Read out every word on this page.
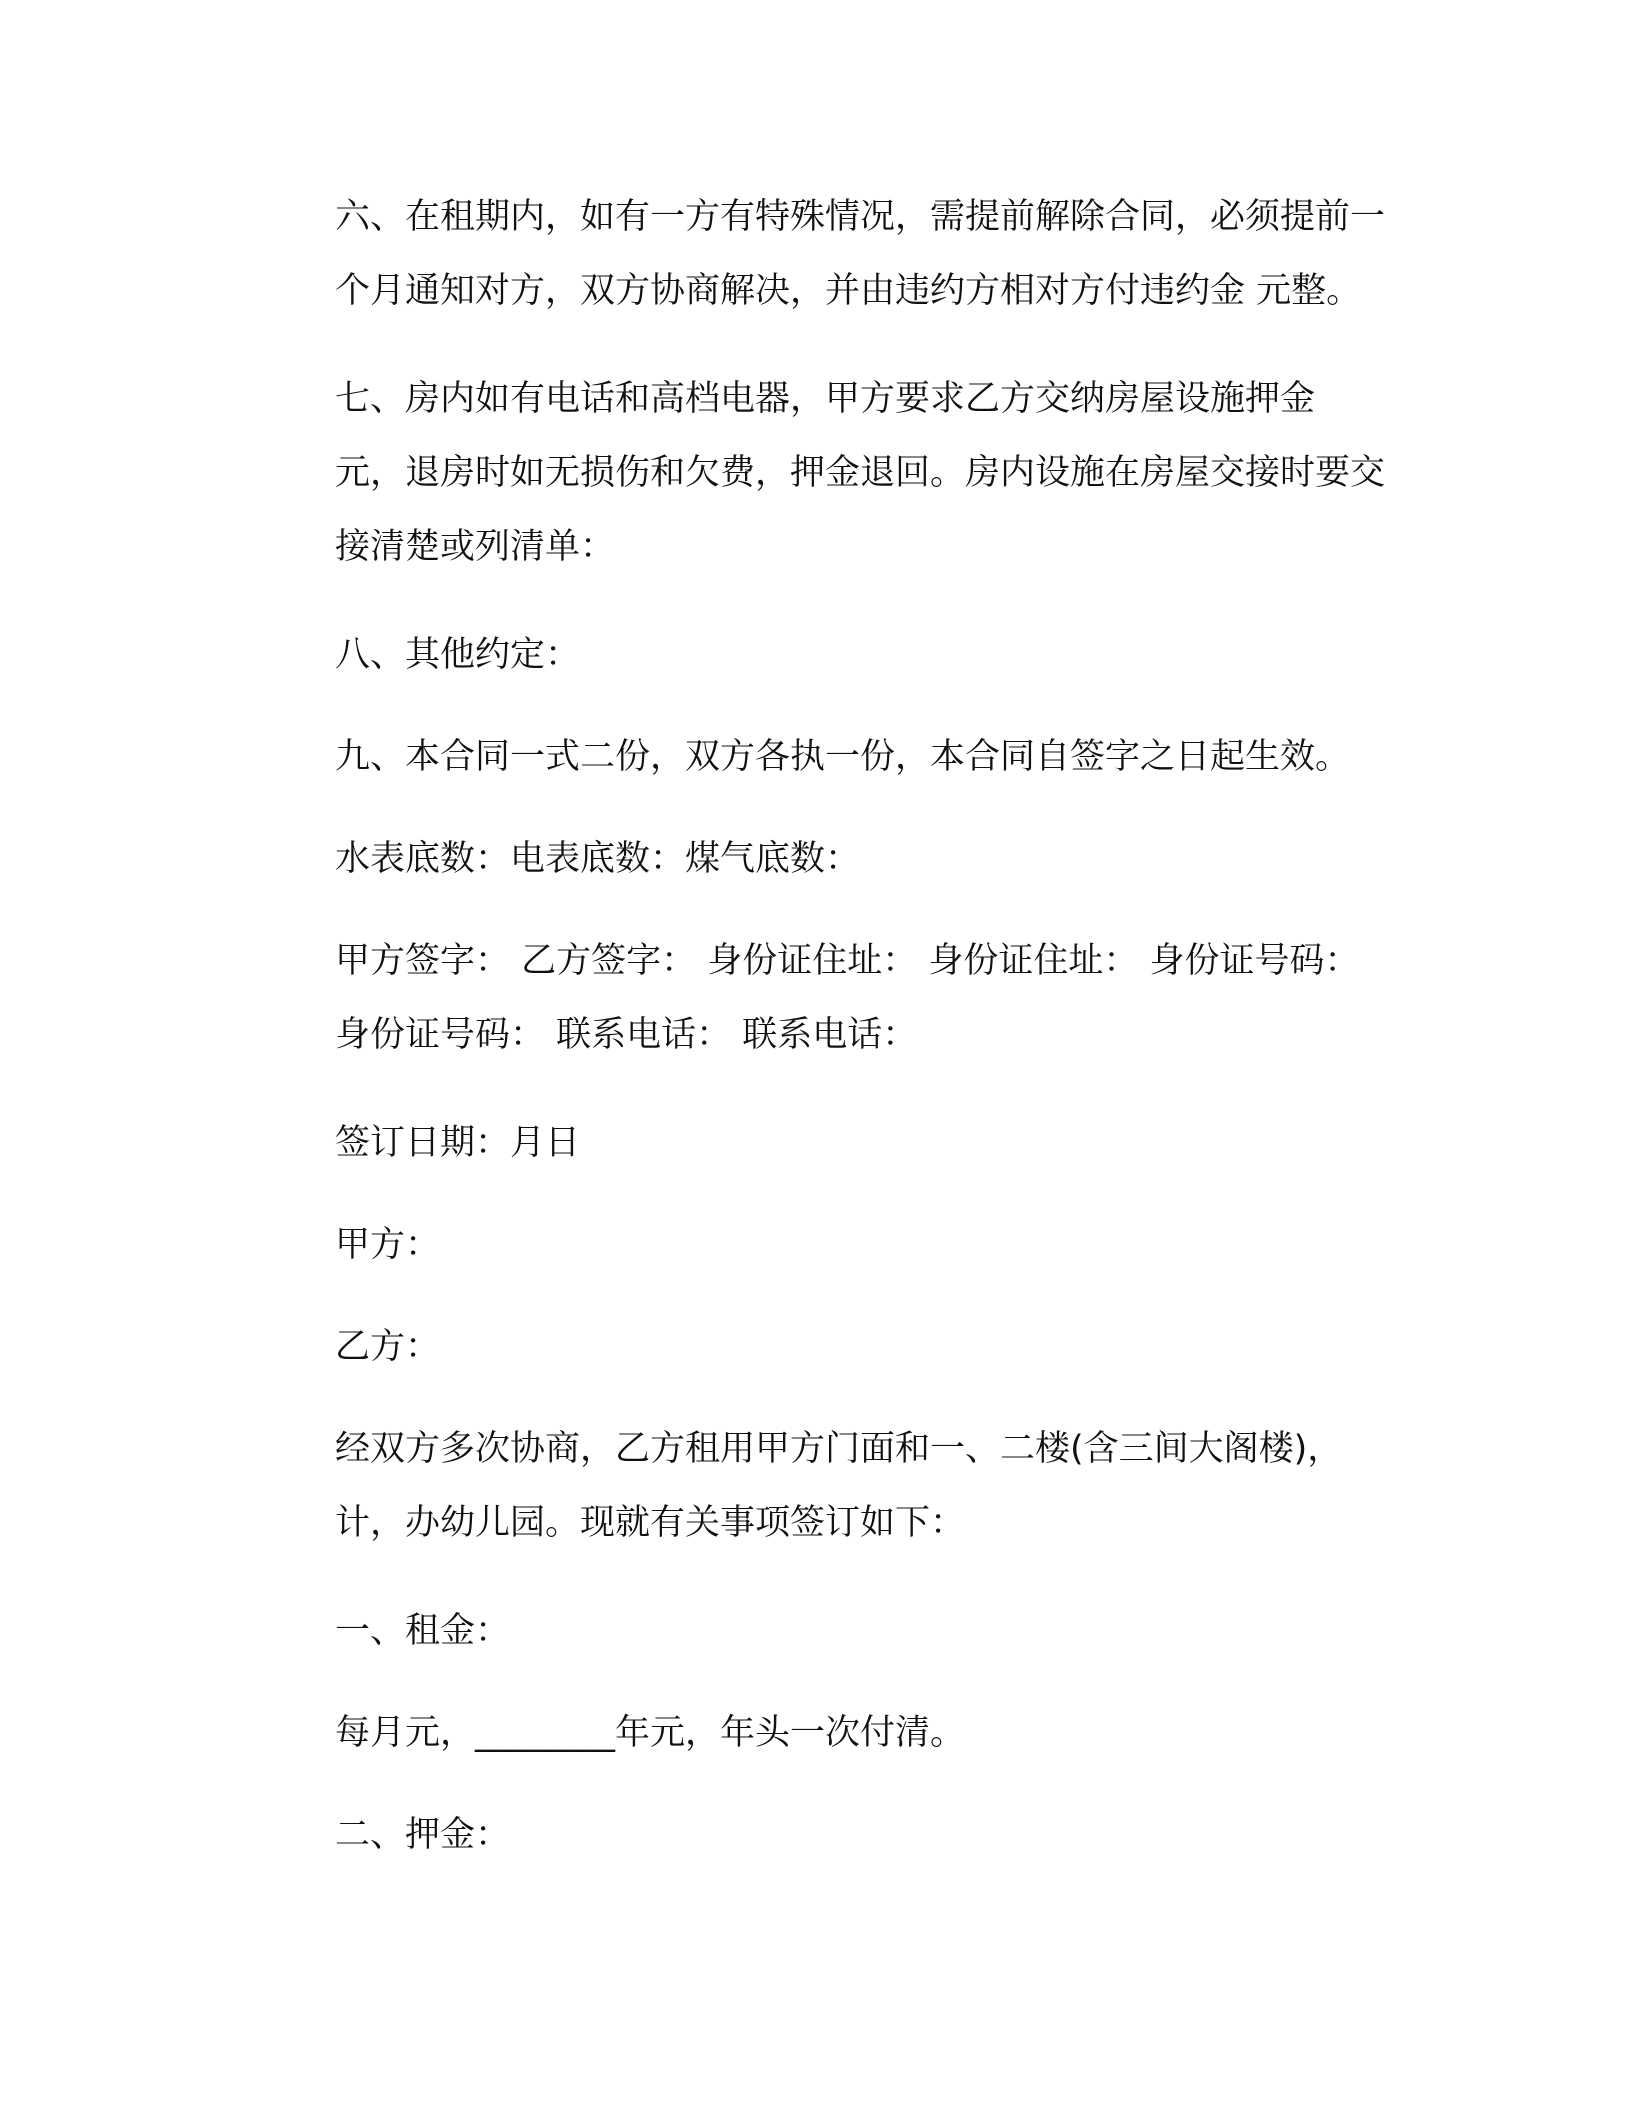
六、在租期内，如有一方有特殊情况，需提前解除合同，必须提前一个月通知对方，双方协商解决，并由违约方相对方付违约金 元整。
七、房内如有电话和高档电器，甲方要求乙方交纳房屋设施押金 元，退房时如无损伤和欠费，押金退回。房内设施在房屋交接时要交接清楚或列清单：
八、其他约定：
九、本合同一式二份，双方各执一份，本合同自签字之日起生效。
水表底数：电表底数：煤气底数：
甲方签字： 乙方签字： 身份证住址： 身份证住址： 身份证号码： 身份证号码： 联系电话： 联系电话：
签订日期：月日
甲方：
乙方：
经双方多次协商，乙方租用甲方门面和一、二楼(含三间大阁楼)，计，办幼儿园。现就有关事项签订如下：
一、租金：
每月元，________年元，年头一次付清。
二、押金：
